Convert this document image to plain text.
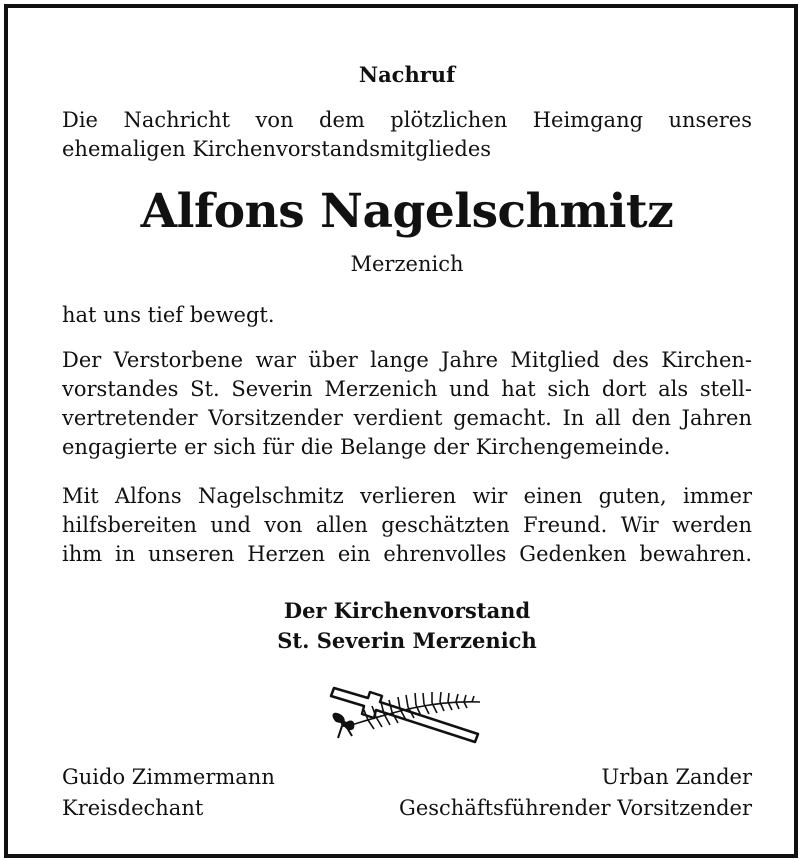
Nachruf
Die Nachricht von dem plötzlichen Heimgang unseres
ehemaligen Kirchenvorstandsmitgliedes
Alfons Nagelschmitz
Merzenich
hat uns tief bewegt.
Der Verstorbene war über lange Jahre Mitglied des Kirchen-
vorstandes St. Severin Merzenich und hat sich dort als stell-
vertretender Vorsitzender verdient gemacht. In all den Jahren
engagierte er sich für die Belange der Kirchengemeinde.
Mit Alfons Nagelschmitz verlieren wir einen guten, immer
hilfsbereiten und von allen geschätzten Freund. Wir werden
ihm in unseren Herzen ein ehrenvolles Gedenken bewahren.
Der Kirchenvorstand
St. Severin Merzenich
Guido Zimmermann
Kreisdechant
Urban Zander
Geschäftsführender Vorsitzender
